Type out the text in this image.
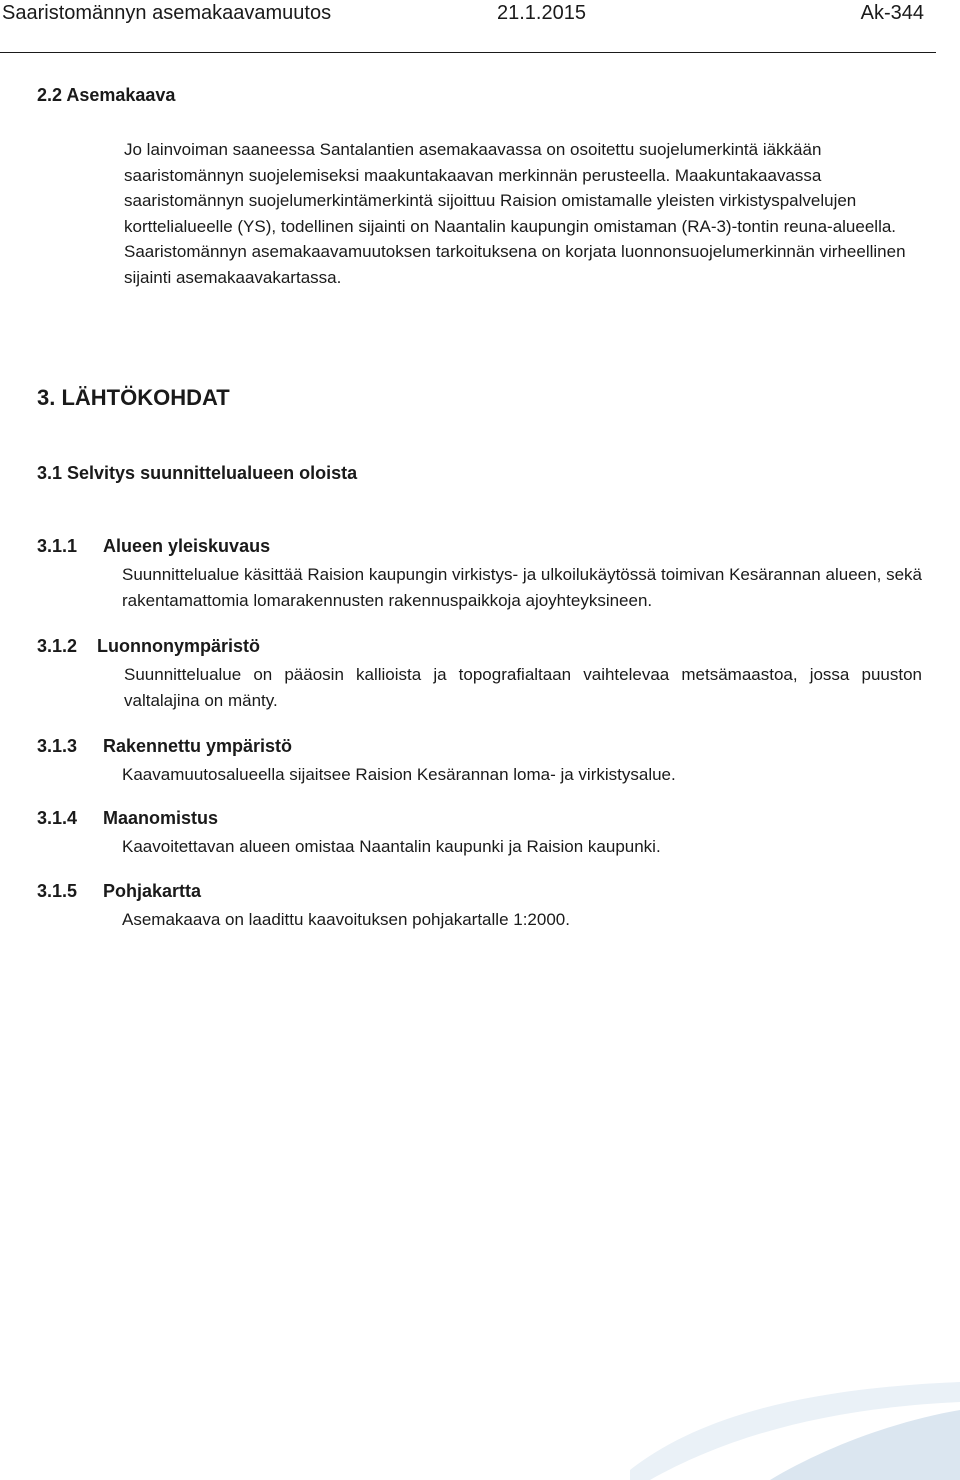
Saaristomännyn asemakaavamuutos	21.1.2015	Ak-344
2.2 Asemakaava

Jo lainvoiman saaneessa Santalantien asemakaavassa on osoitettu suojelumerkintä iäkkään saaristomännyn suojelemiseksi maakuntakaavan merkinnän perusteella. Maakuntakaavassa saaristomännyn suojelumerkintämerkintä sijoittuu Raision omistamalle yleisten virkistyspalvelujen korttelialueelle (YS), todellinen sijainti on Naantalin kaupungin omistaman (RA-3)-tontin reuna-alueella. Saaristomännyn asemakaavamuutoksen tarkoituksena on korjata luonnonsuojelumerkinnän virheellinen sijainti asemakaavakartassa.

3. LÄHTÖKOHDAT
3.1 Selvitys suunnittelualueen oloista
3.1.1 Alueen yleiskuvaus

Suunnittelualue käsittää Raision kaupungin virkistys- ja ulkoilukäytössä toimivan Kesärannan alueen, sekä rakentamattomia lomarakennusten rakennuspaikkoja ajoyhteyksineen.

3.1.2 Luonnonympäristö

Suunnittelualue on pääosin kallioista ja topografialtaan vaihtelevaa metsämaastoa, jossa puuston valtalajina on mänty.

3.1.3 Rakennettu ympäristö

Kaavamuutosalueella sijaitsee Raision Kesärannan loma- ja virkistysalue.

3.1.4 Maanomistus

Kaavoitettavan alueen omistaa Naantalin kaupunki ja Raision kaupunki.

3.1.5 Pohjakartta

Asemakaava on laadittu kaavoituksen pohjakartalle 1:2000.
